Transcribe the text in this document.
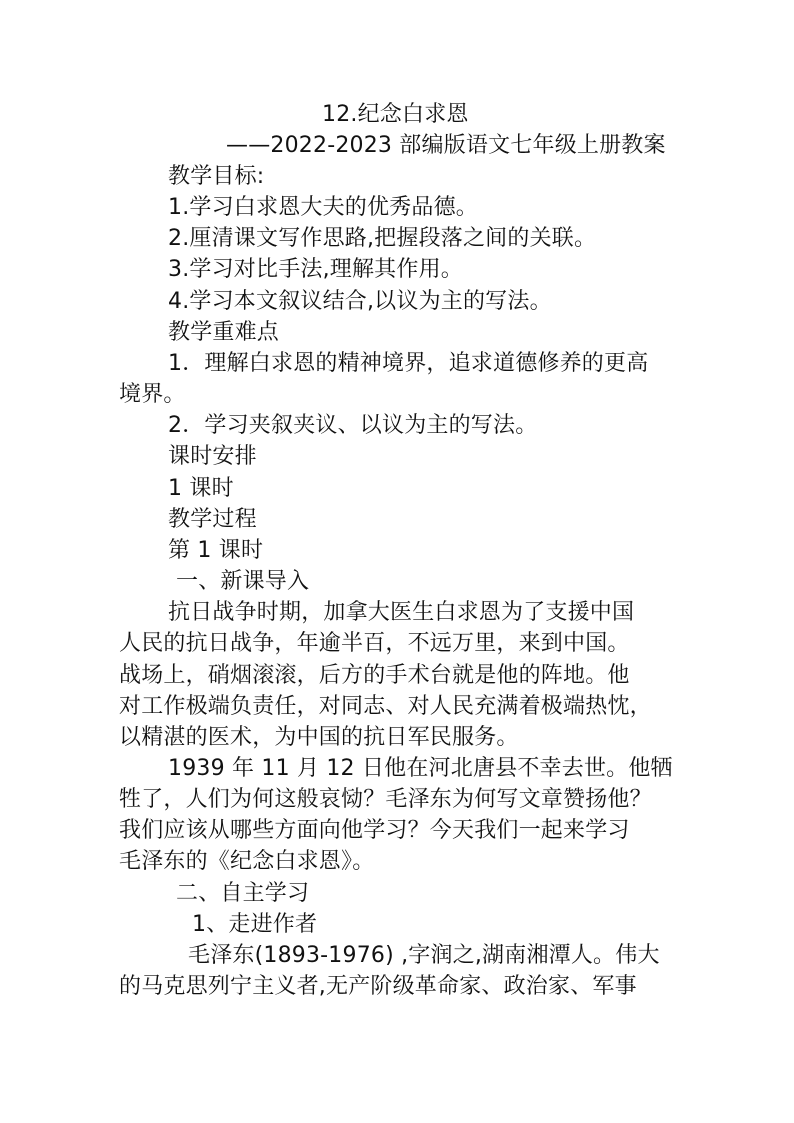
12.纪念白求恩
——2022-2023 部编版语文七年级上册教案
教学目标:
1.学习白求恩大夫的优秀品德。
2.厘清课文写作思路,把握段落之间的关联。
3.学习对比手法,理解其作用。
4.学习本文叙议结合,以议为主的写法。
教学重难点
1．理解白求恩的精神境界，追求道德修养的更高
境界。
2．学习夹叙夹议、以议为主的写法。
课时安排
1 课时
教学过程
第 1 课时
一、新课导入
抗日战争时期，加拿大医生白求恩为了支援中国
人民的抗日战争，年逾半百，不远万里，来到中国。
战场上，硝烟滚滚，后方的手术台就是他的阵地。他
对工作极端负责任，对同志、对人民充满着极端热忱，
以精湛的医术，为中国的抗日军民服务。
1939 年 11 月 12 日他在河北唐县不幸去世。他牺
牲了，人们为何这般哀恸？毛泽东为何写文章赞扬他？
我们应该从哪些方面向他学习？今天我们一起来学习
毛泽东的《纪念白求恩》。
二、自主学习
1、走进作者
毛泽东(1893-1976) ,字润之,湖南湘潭人。伟大
的马克思列宁主义者,无产阶级革命家、政治家、军事
